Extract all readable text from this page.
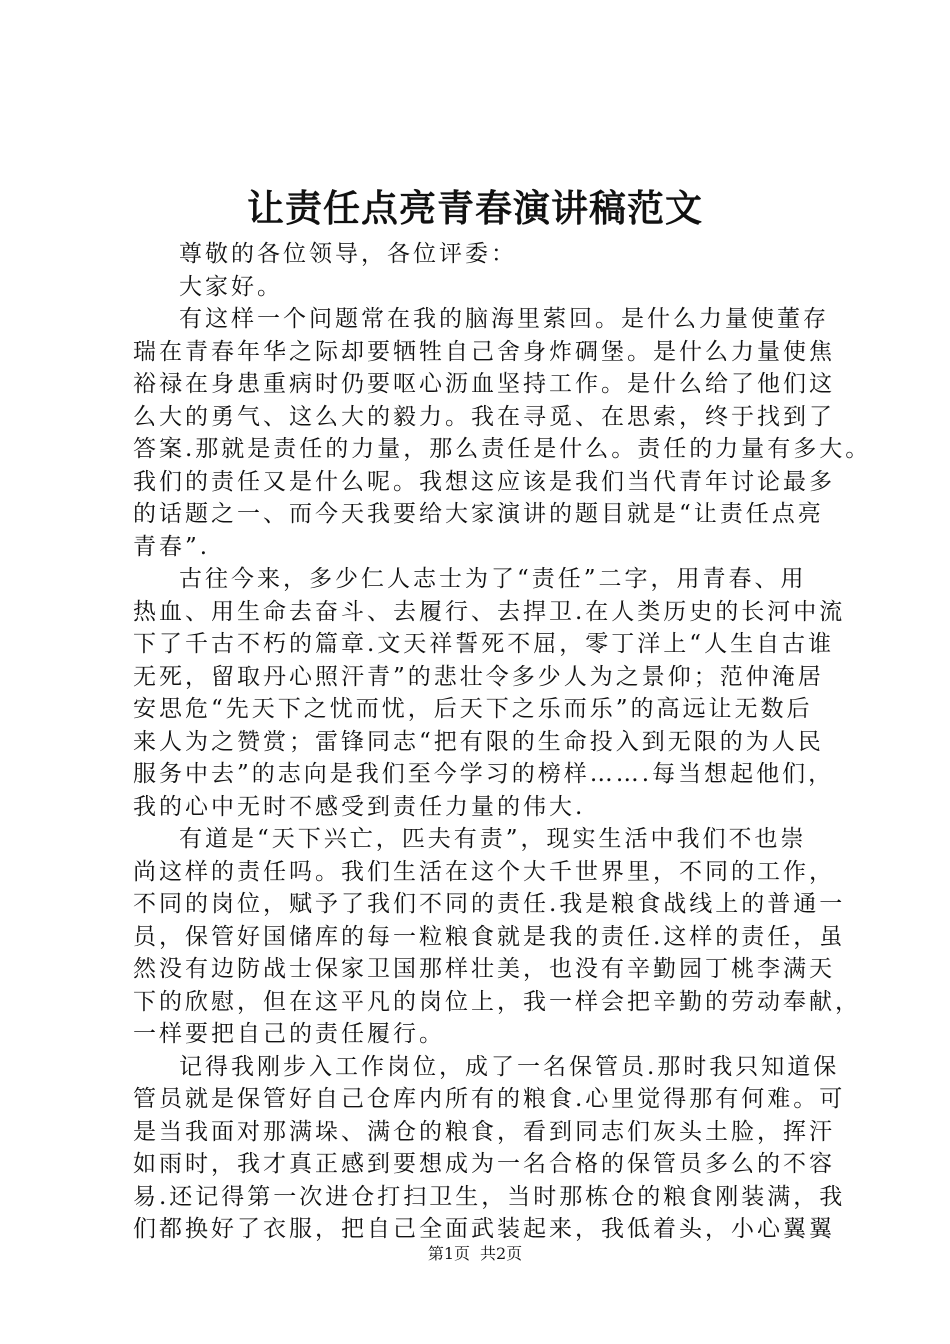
让责任点亮青春演讲稿范文
尊敬的各位领导，各位评委：
大家好。
有这样一个问题常在我的脑海里萦回。是什么力量使董存
瑞在青春年华之际却要牺牲自己舍身炸碉堡。是什么力量使焦
裕禄在身患重病时仍要呕心沥血坚持工作。是什么给了他们这
么大的勇气、这么大的毅力。我在寻觅、在思索，终于找到了
答案.那就是责任的力量，那么责任是什么。责任的力量有多大。
我们的责任又是什么呢。我想这应该是我们当代青年讨论最多
的话题之一、而今天我要给大家演讲的题目就是“让责任点亮
青春”.
古往今来，多少仁人志士为了“责任”二字，用青春、用
热血、用生命去奋斗、去履行、去捍卫.在人类历史的长河中流
下了千古不朽的篇章.文天祥誓死不屈，零丁洋上“人生自古谁
无死，留取丹心照汗青”的悲壮令多少人为之景仰；范仲淹居
安思危“先天下之忧而忧，后天下之乐而乐”的高远让无数后
来人为之赞赏；雷锋同志“把有限的生命投入到无限的为人民
服务中去”的志向是我们至今学习的榜样…….每当想起他们，
我的心中无时不感受到责任力量的伟大.
有道是“天下兴亡，匹夫有责”，现实生活中我们不也崇
尚这样的责任吗。我们生活在这个大千世界里，不同的工作，
不同的岗位，赋予了我们不同的责任.我是粮食战线上的普通一
员，保管好国储库的每一粒粮食就是我的责任.这样的责任，虽
然没有边防战士保家卫国那样壮美，也没有辛勤园丁桃李满天
下的欣慰，但在这平凡的岗位上，我一样会把辛勤的劳动奉献，
一样要把自己的责任履行。
记得我刚步入工作岗位，成了一名保管员.那时我只知道保
管员就是保管好自己仓库内所有的粮食.心里觉得那有何难。可
是当我面对那满垛、满仓的粮食，看到同志们灰头土脸，挥汗
如雨时，我才真正感到要想成为一名合格的保管员多么的不容
易.还记得第一次进仓打扫卫生，当时那栋仓的粮食刚装满，我
们都换好了衣服，把自己全面武装起来，我低着头，小心翼翼
第1页 共2页
